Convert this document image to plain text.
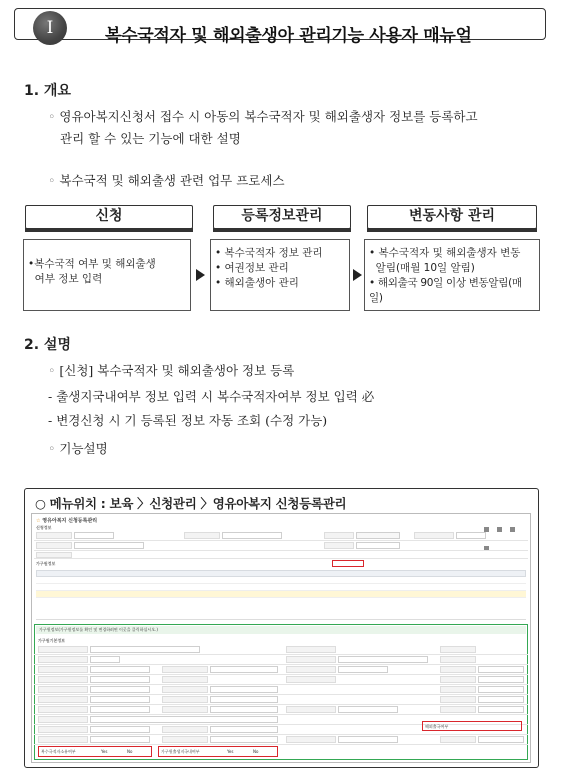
Ⅰ	복수국적자 및 해외출생아 관리기능 사용자 매뉴얼
1. 개요
◦ 영유아복지신청서 접수 시 아동의 복수국적자 및 해외출생자 정보를 등록하고
관리 할 수 있는 기능에 대한 설명
◦ 복수국적 및 해외출생 관련 업무 프로세스
신청
•복수국적 여부 및 해외출생
여부 정보 입력
등록정보관리
• 복수국적자 정보 관리
• 여권정보 관리
• 해외출생아 관리
변동사항 관리
• 복수국적자 및 해외출생자 변동
알림(매월 10일 알림)
• 해외출국 90일 이상 변동알림(매일)
2. 설명
◦ [신청] 복수국적자 및 해외출생아 정보 등록
- 출생지국내여부 정보 입력 시 복수국적자여부 정보 입력 必
- 변경신청 시 기 등록된 정보 자동 조회 (수정 가능)
◦ 기능설명
○ 메뉴위치 : 보육 〉신청관리 〉영유아복지 신청등록관리
☆ 영유아복지 신청등록관리

신청정보
가구원정보

가구원정보(가구원정보를 확인 및 변경하려면 이곳을 클릭하십시오.)
가구원기본정보
해외출국여부
복수국적자소유여부	Yes	No	가구원출생지국내여부	Yes	No
